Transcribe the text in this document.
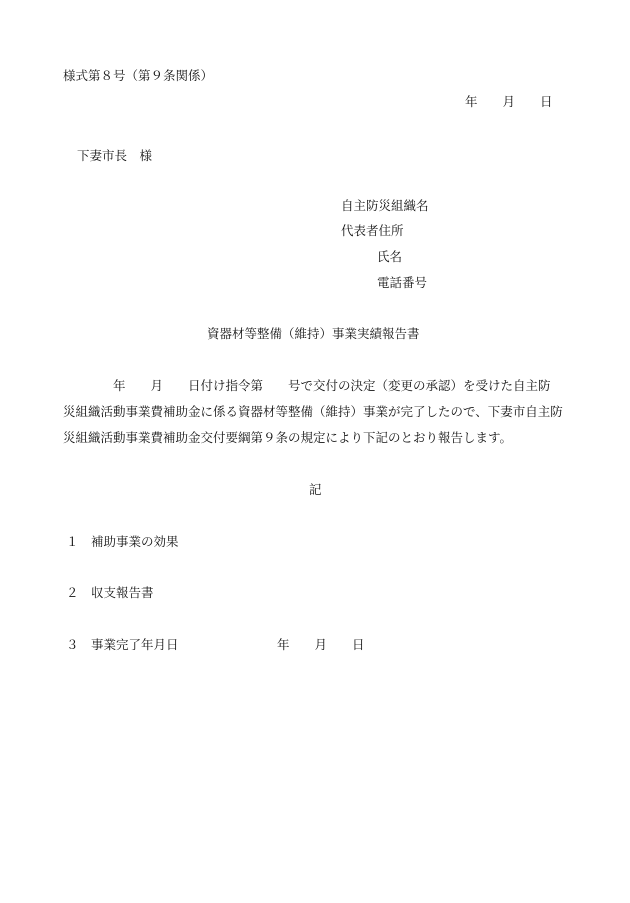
様式第８号（第９条関係）
年　　月　　日
下妻市長　様
自主防災組織名
代表者住所
氏名
電話番号
資器材等整備（維持）事業実績報告書
　　　　年　　月　　日付け指令第　　号で交付の決定（変更の承認）を受けた自主防
災組織活動事業費補助金に係る資器材等整備（維持）事業が完了したので、下妻市自主防
災組織活動事業費補助金交付要綱第９条の規定により下記のとおり報告します。
記
１　補助事業の効果
２　収支報告書
３　事業完了年月日	年　　月　　日
